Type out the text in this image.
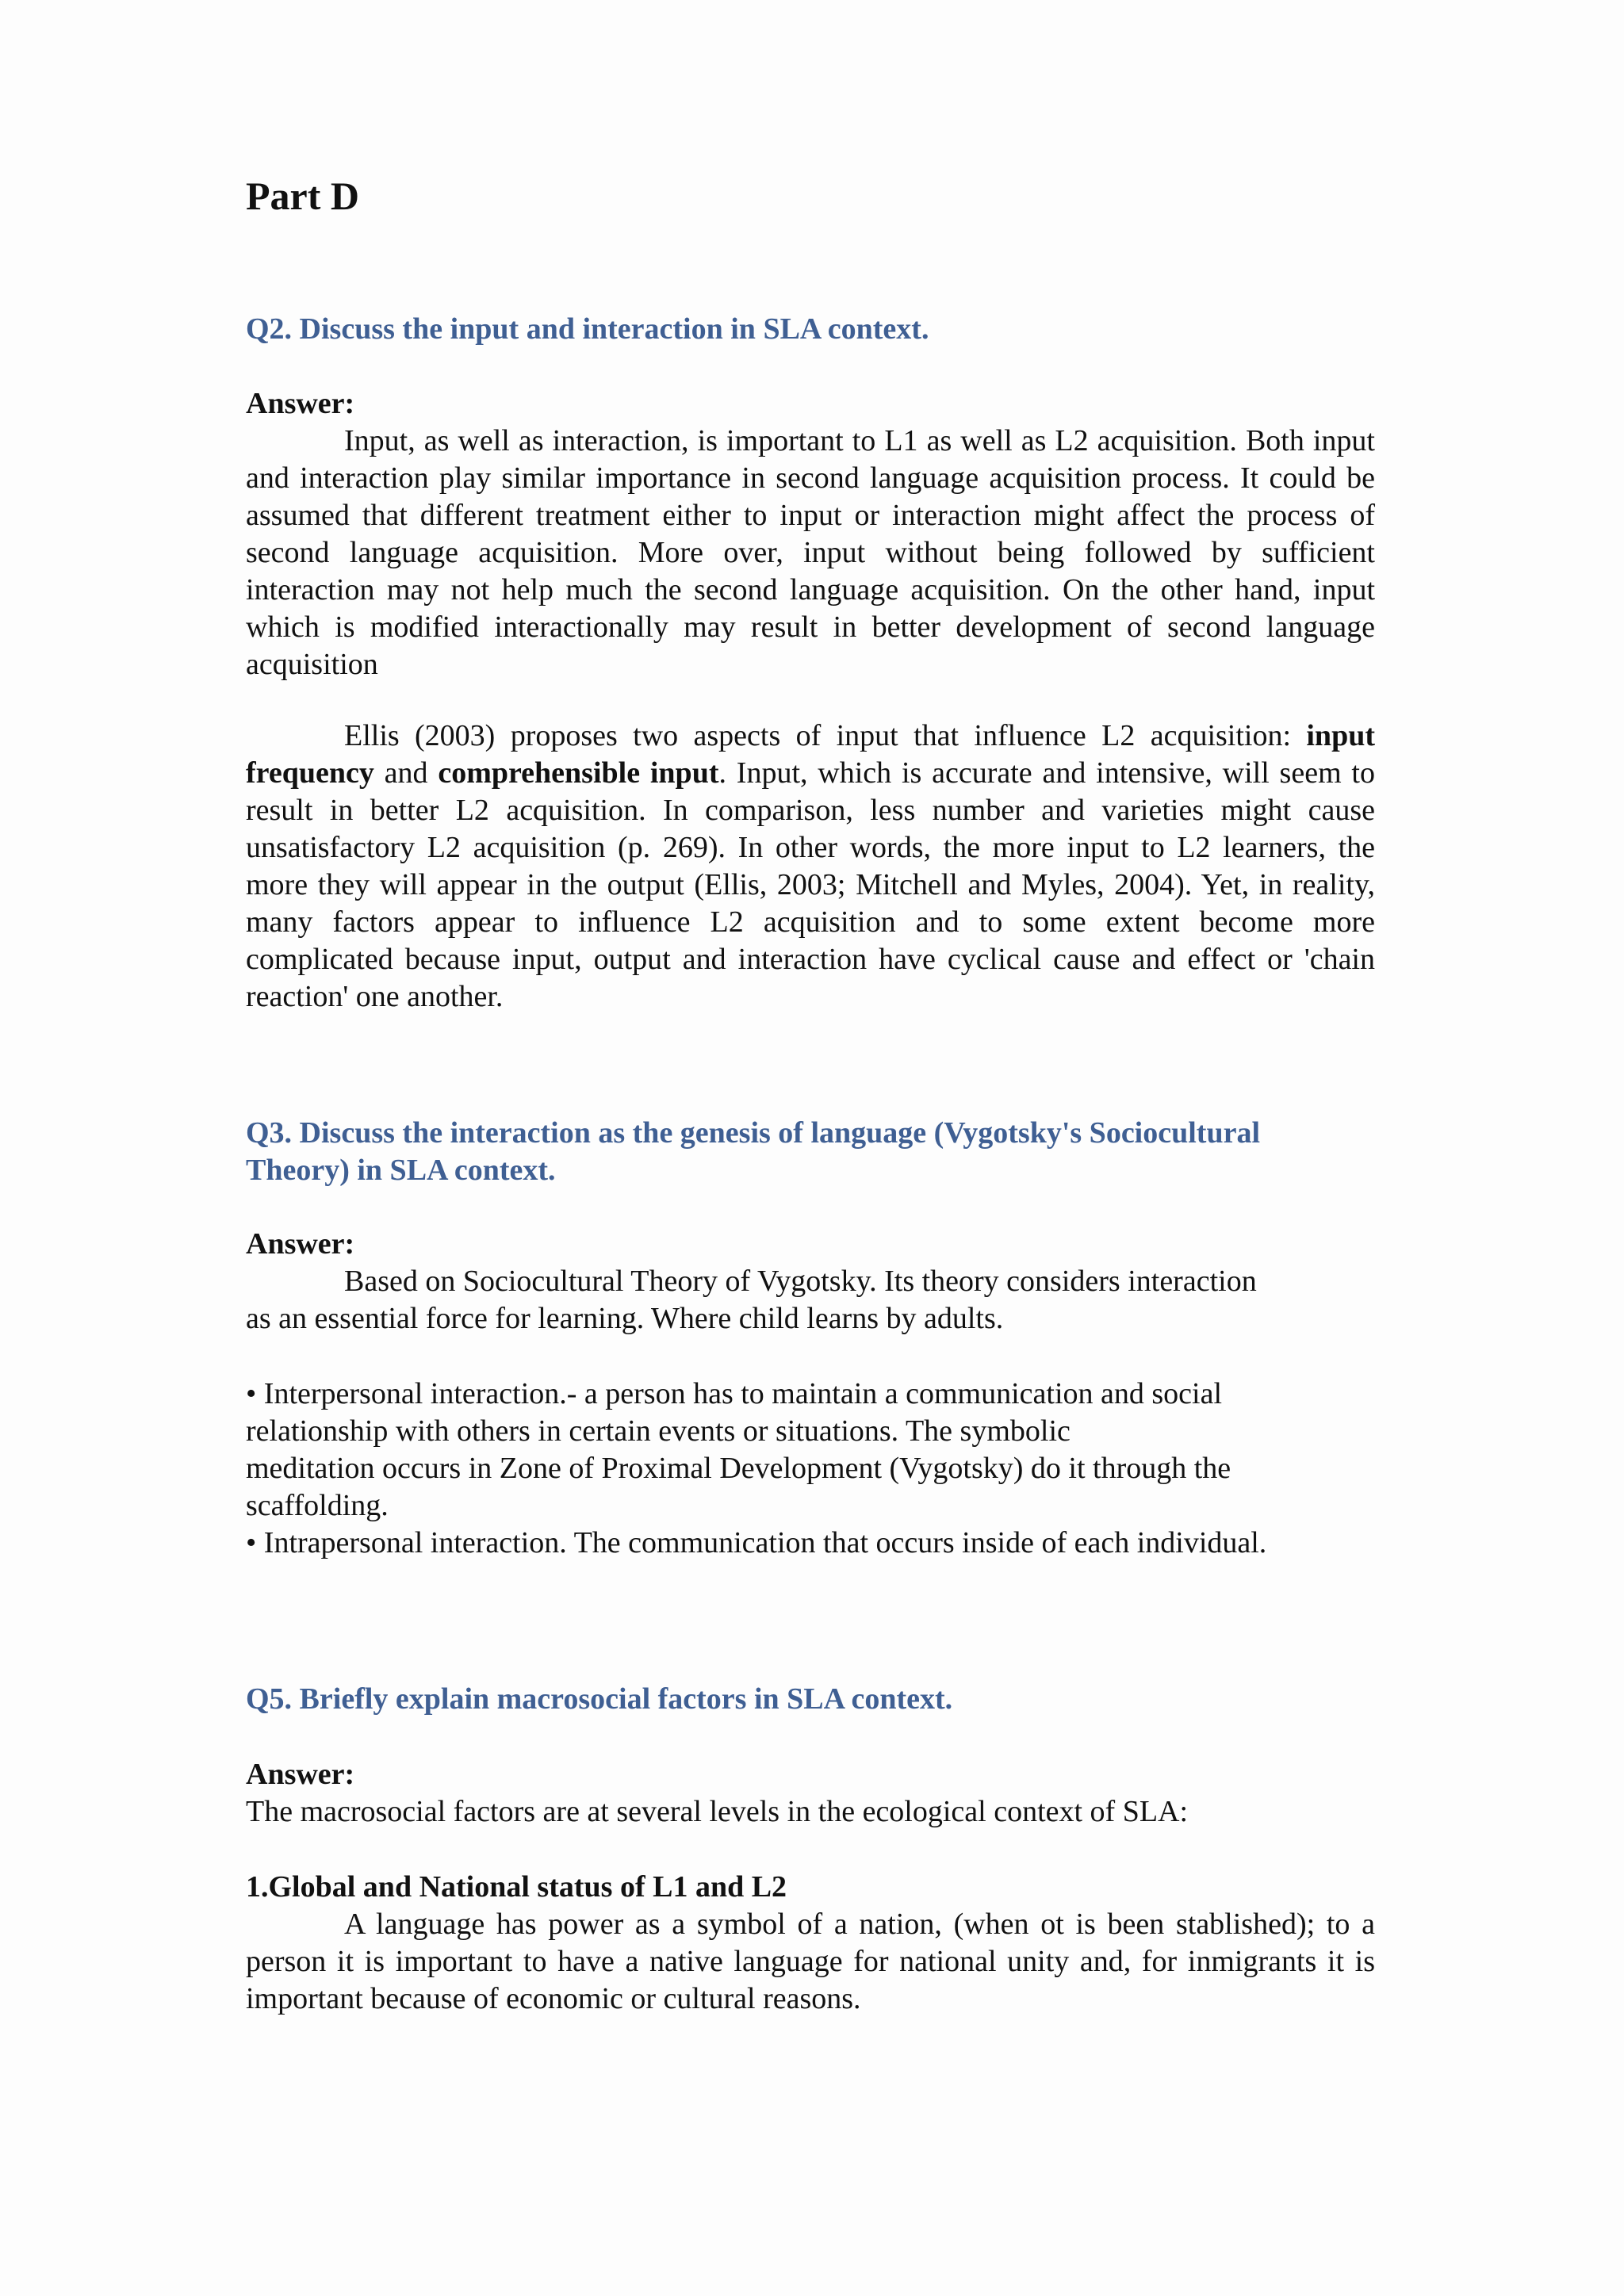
Part D

Q2. Discuss the input and interaction in SLA context.

Answer:

Input, as well as interaction, is important to L1 as well as L2 acquisition. Both input and interaction play similar importance in second language acquisition process. It could be assumed that different treatment either to input or interaction might affect the process of second language acquisition. More over, input without being followed by sufficient interaction may not help much the second language acquisition. On the other hand, input which is modified interactionally may result in better development of second language acquisition

Ellis (2003) proposes two aspects of input that influence L2 acquisition: input frequency and comprehensible input. Input, which is accurate and intensive, will seem to result in better L2 acquisition. In comparison, less number and varieties might cause unsatisfactory L2 acquisition (p. 269). In other words, the more input to L2 learners, the more they will appear in the output (Ellis, 2003; Mitchell and Myles, 2004). Yet, in reality, many factors appear to influence L2 acquisition and to some extent become more complicated because input, output and interaction have cyclical cause and effect or 'chain reaction' one another.

Q3. Discuss the interaction as the genesis of language (Vygotsky's Sociocultural

Theory) in SLA context.

Answer:

Based on Sociocultural Theory of Vygotsky. Its theory considers interaction

as an essential force for learning. Where child learns by adults.

• Interpersonal interaction.- a person has to maintain a communication and social

relationship with others in certain events or situations. The symbolic

meditation occurs in Zone of Proximal Development (Vygotsky) do it through the

scaffolding.

• Intrapersonal interaction. The communication that occurs inside of each individual.

Q5. Briefly explain macrosocial factors in SLA context.

Answer:

The macrosocial factors are at several levels in the ecological context of SLA:

1.Global and National status of L1 and L2

A language has power as a symbol of a nation, (when ot is been stablished); to a person it is important to have a native language for national unity and, for inmigrants it is important because of economic or cultural reasons.
